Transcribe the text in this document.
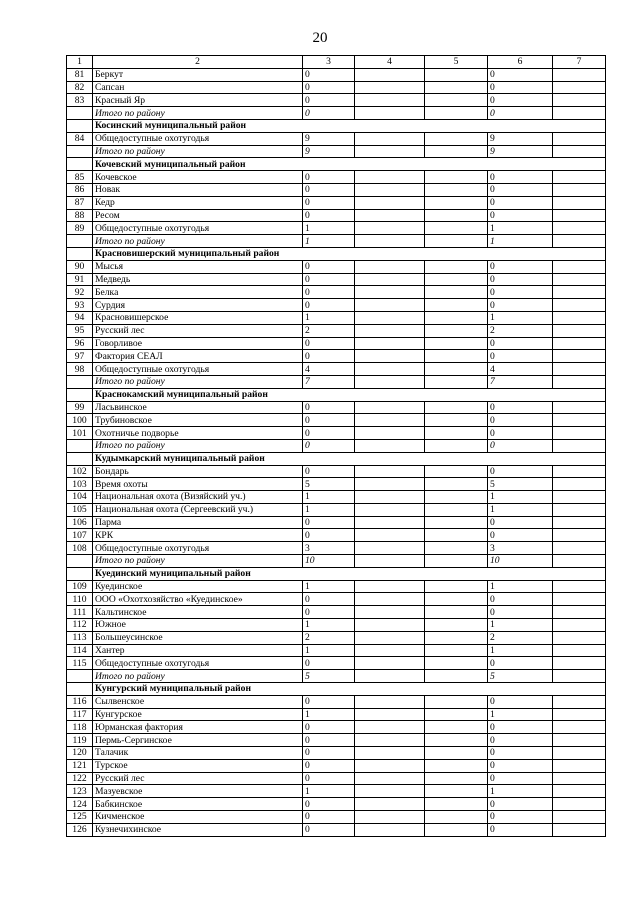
20
1	2	3	4	5	6	7
81	Беркут	0			0	
82	Сапсан	0			0	
83	Красный Яр	0			0	
	Итого по району	0			0	
	Косинский муниципальный район					
84	Общедоступные охотугодья	9			9	
	Итого по району	9			9	
	Кочевский муниципальный район					
85	Кочевское	0			0	
86	Новак	0			0	
87	Кедр	0			0	
88	Ресом	0			0	
89	Общедоступные охотугодья	1			1	
	Итого по району	1			1	
	Красновишерский муниципальный район					
90	Мысья	0			0	
91	Медведь	0			0	
92	Белка	0			0	
93	Сурдия	0			0	
94	Красновишерское	1			1	
95	Русский лес	2			2	
96	Говорливое	0			0	
97	Фактория СЕАЛ	0			0	
98	Общедоступные охотугодья	4			4	
	Итого по району	7			7	
	Краснокамский муниципальный район					
99	Ласьвинское	0			0	
100	Трубиновское	0			0	
101	Охотничье подворье	0			0	
	Итого по району	0			0	
	Кудымкарский муниципальный район					
102	Бондарь	0			0	
103	Время охоты	5			5	
104	Национальная охота (Визяйский уч.)	1			1	
105	Национальная охота (Сергеевский уч.)	1			1	
106	Парма	0			0	
107	КРК	0			0	
108	Общедоступные охотугодья	3			3	
	Итого по району	10			10	
	Куединский муниципальный район					
109	Куединское	1			1	
110	ООО «Охотхозяйство «Куединское»	0			0	
111	Кальтинское	0			0	
112	Южное	1			1	
113	Большеусинское	2			2	
114	Хантер	1			1	
115	Общедоступные охотугодья	0			0	
	Итого по району	5			5	
	Кунгурский муниципальный район					
116	Сылвенское	0			0	
117	Кунгурское	1			1	
118	Юрманская фактория	0			0	
119	Пермь-Сергинское	0			0	
120	Талачик	0			0	
121	Турское	0			0	
122	Русский лес	0			0	
123	Мазуевское	1			1	
124	Бабкинское	0			0	
125	Кичменское	0			0	
126	Кузнечихинское	0			0	
